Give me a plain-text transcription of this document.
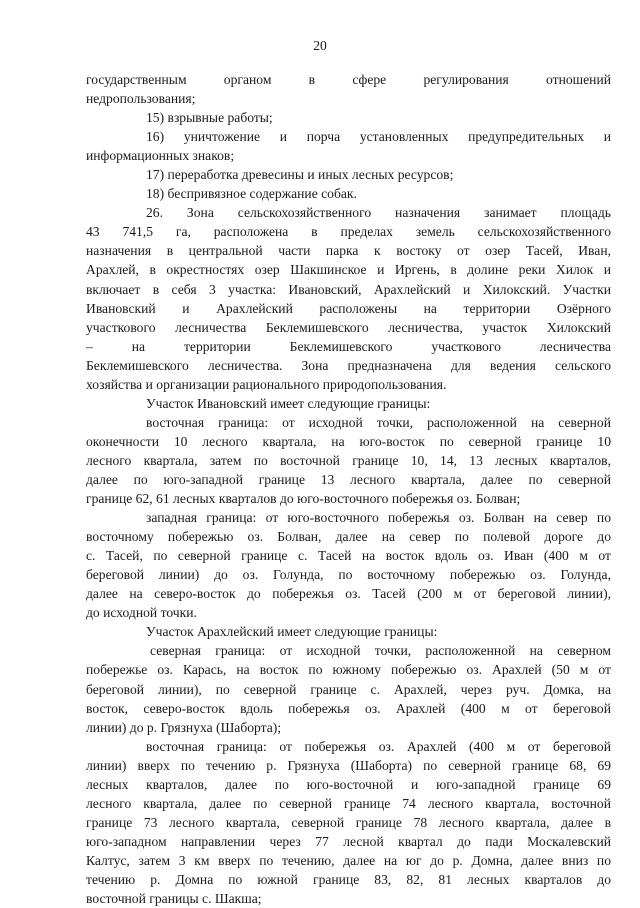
20
государственным органом в сфере регулирования отношений
недропользования;
15) взрывные работы;
16) уничтожение и порча установленных предупредительных и
информационных знаков;
17) переработка древесины и иных лесных ресурсов;
18) беспривязное содержание собак.
26. Зона сельскохозяйственного назначения занимает площадь
43 741,5 га, расположена в пределах земель сельскохозяйственного
назначения в центральной части парка к востоку от озер Тасей, Иван,
Арахлей, в окрестностях озер Шакшинское и Иргень, в долине реки Хилок и
включает в себя 3 участка: Ивановский, Арахлейский и Хилокский. Участки
Ивановский и Арахлейский расположены на территории Озёрного
участкового лесничества Беклемишевского лесничества, участок Хилокский
– на территории Беклемишевского участкового лесничества
Беклемишевского лесничества. Зона предназначена для ведения сельского
хозяйства и организации рационального природопользования.
Участок Ивановский имеет следующие границы:
восточная граница: от исходной точки, расположенной на северной
оконечности 10 лесного квартала, на юго-восток по северной границе 10
лесного квартала, затем по восточной границе 10, 14, 13 лесных кварталов,
далее по юго-западной границе 13 лесного квартала, далее по северной
границе 62, 61 лесных кварталов до юго-восточного побережья оз. Болван;
западная граница: от юго-восточного побережья оз. Болван на север по
восточному побережью оз. Болван, далее на север по полевой дороге до
с. Тасей, по северной границе с. Тасей на восток вдоль оз. Иван (400 м от
береговой линии) до оз. Голунда, по восточному побережью оз. Голунда,
далее на северо-восток до побережья оз. Тасей (200 м от береговой линии),
до исходной точки.
Участок Арахлейский имеет следующие границы:
северная граница: от исходной точки, расположенной на северном
побережье оз. Карась, на восток по южному побережью оз. Арахлей (50 м от
береговой линии), по северной границе с. Арахлей, через руч. Домка, на
восток, северо-восток вдоль побережья оз. Арахлей (400 м от береговой
линии) до р. Грязнуха (Шаборта);
восточная граница: от побережья оз. Арахлей (400 м от береговой
линии) вверх по течению р. Грязнуха (Шаборта) по северной границе 68, 69
лесных кварталов, далее по юго-восточной и юго-западной границе 69
лесного квартала, далее по северной границе 74 лесного квартала, восточной
границе 73 лесного квартала, северной границе 78 лесного квартала, далее в
юго-западном направлении через 77 лесной квартал до пади Москалевский
Калтус, затем 3 км вверх по течению, далее на юг до р. Домна, далее вниз по
течению р. Домна по южной границе 83, 82, 81 лесных кварталов до
восточной границы с. Шакша;
